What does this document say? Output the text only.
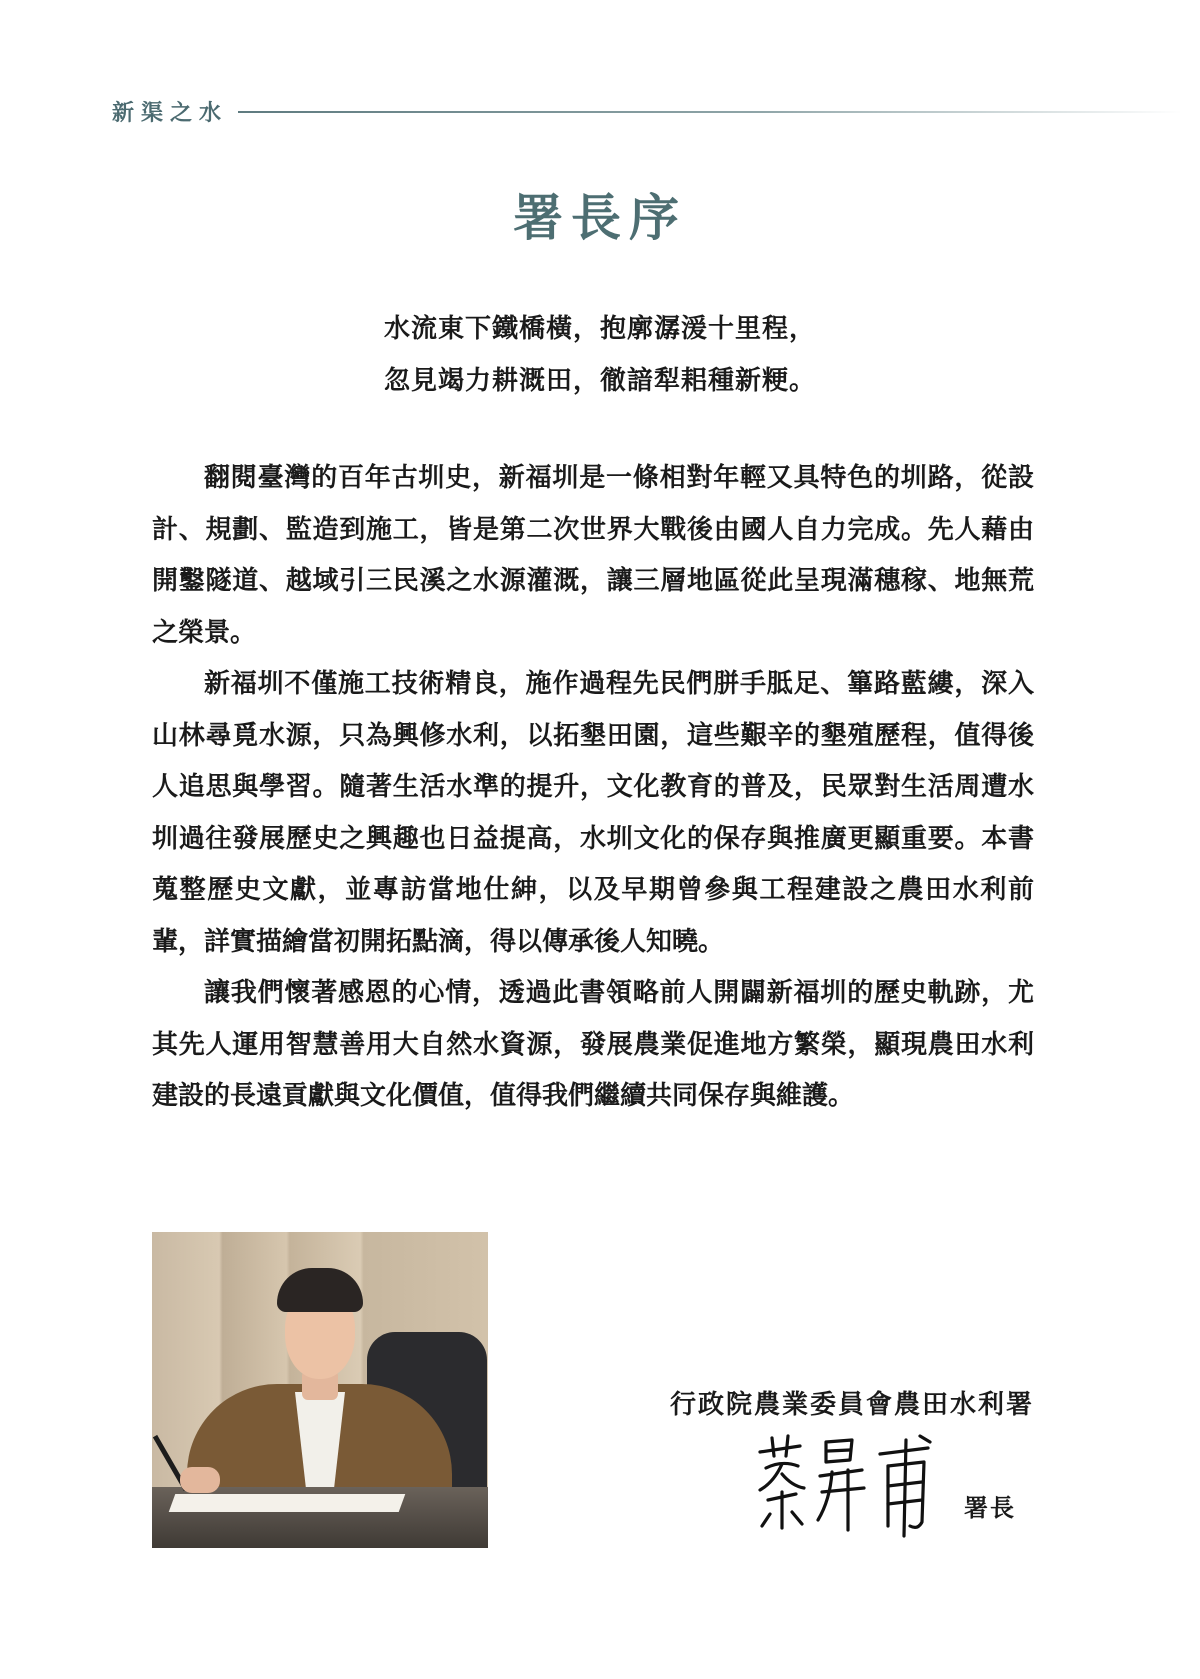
新渠之水
署長序
水流東下鐵橋橫，抱廓潺湲十里程，
忽見竭力耕溉田，徹諳犁耜種新粳。

翻閱臺灣的百年古圳史，新福圳是一條相對年輕又具特色的圳路，從設計、規劃、監造到施工，皆是第二次世界大戰後由國人自力完成。先人藉由開鑿隧道、越域引三民溪之水源灌溉，讓三層地區從此呈現滿穗稼、地無荒之榮景。

新福圳不僅施工技術精良，施作過程先民們胼手胝足、篳路藍縷，深入山林尋覓水源，只為興修水利，以拓墾田園，這些艱辛的墾殖歷程，值得後人追思與學習。隨著生活水準的提升，文化教育的普及，民眾對生活周遭水圳過往發展歷史之興趣也日益提高，水圳文化的保存與推廣更顯重要。本書蒐整歷史文獻，並專訪當地仕紳，以及早期曾參與工程建設之農田水利前輩，詳實描繪當初開拓點滴，得以傳承後人知曉。

讓我們懷著感恩的心情，透過此書領略前人開闢新福圳的歷史軌跡，尤其先人運用智慧善用大自然水資源，發展農業促進地方繁榮，顯現農田水利建設的長遠貢獻與文化價值，值得我們繼續共同保存與維護。

行政院農業委員會農田水利署
署長
